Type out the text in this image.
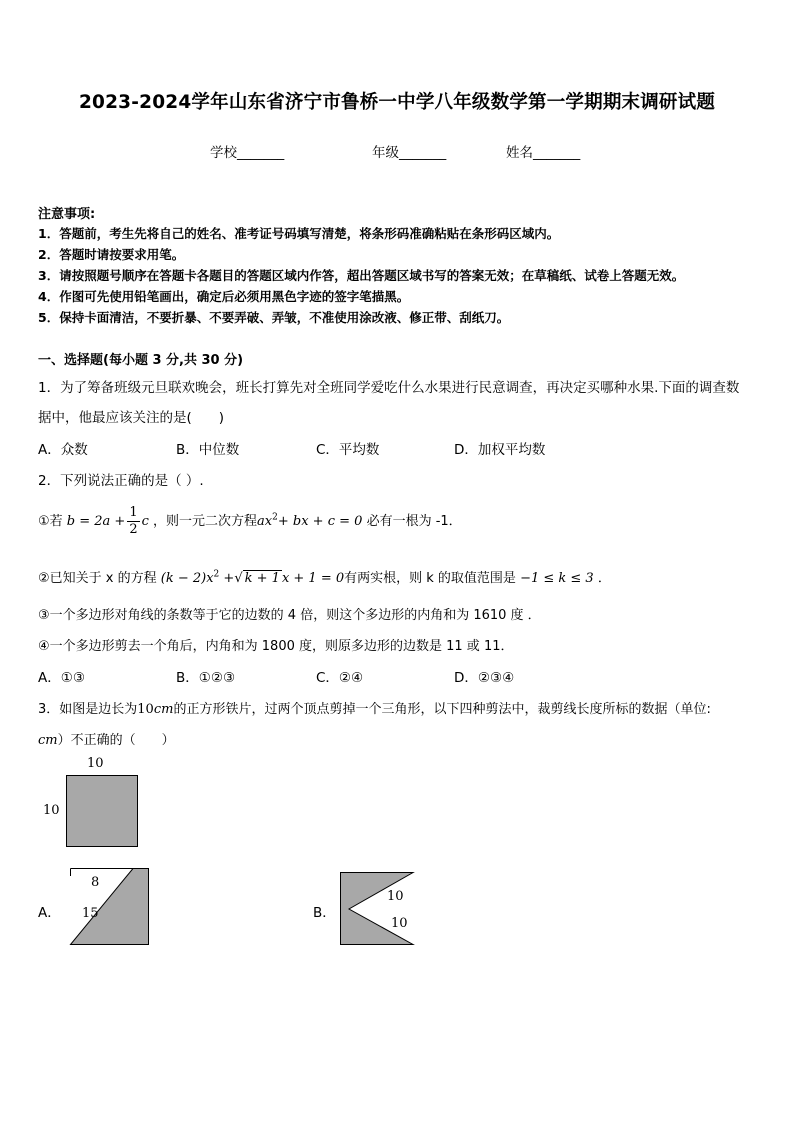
2023-2024学年山东省济宁市鲁桥一中学八年级数学第一学期期末调研试题
学校_______	年级_______	姓名_______
注意事项:
1．答题前，考生先将自己的姓名、准考证号码填写清楚，将条形码准确粘贴在条形码区域内。
2．答题时请按要求用笔。
3．请按照题号顺序在答题卡各题目的答题区域内作答，超出答题区域书写的答案无效；在草稿纸、试卷上答题无效。
4．作图可先使用铅笔画出，确定后必须用黑色字迹的签字笔描黑。
5．保持卡面清洁，不要折暴、不要弄破、弄皱，不准使用涂改液、修正带、刮纸刀。
一、选择题(每小题 3 分,共 30 分)
1．为了筹备班级元旦联欢晚会，班长打算先对全班同学爱吃什么水果进行民意调查，再决定买哪种水果.下面的调查数
据中，他最应该关注的是(　　)
A．众数	B．中位数	C．平均数	D．加权平均数
2．下列说法正确的是（ ）.
①若 $b = 2a + \frac{1}{2}$ c ，则一元二次方程$ax^2+$ bx + c = 0 必有一根为 -1．
②已知关于 x 的方程 $(k - 2)x^2$ +√ k + 1 x + 1 = 0有两实根，则 k 的取值范围是 −1 ≤ k ≤ 3 ．
③一个多边形对角线的条数等于它的边数的 4 倍，则这个多边形的内角和为 1610 度 ．
④一个多边形剪去一个角后，内角和为 1800 度，则原多边形的边数是 11 或 11．
A．①③	B．①②③	C．②④	D．②③④
3．如图是边长为10cm的正方形铁片，过两个顶点剪掉一个三角形，以下四种剪法中，裁剪线长度所标的数据（单位:
cm）不正确的（　　）
10
10
A．
8
15	B．
10
10
